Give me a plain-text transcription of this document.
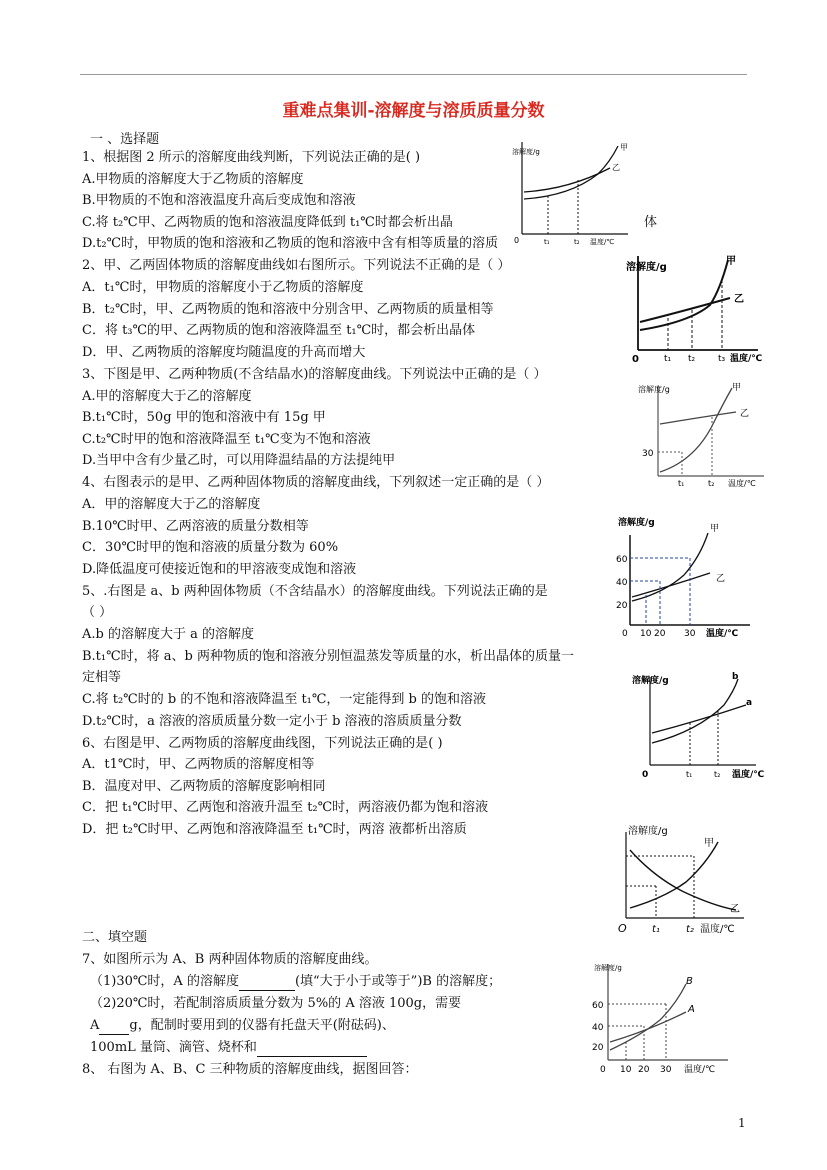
重难点集训-溶解度与溶质质量分数
一 、选择题
1、根据图 2 所示的溶解度曲线判断，下列说法正确的是( )
A.甲物质的溶解度大于乙物质的溶解度
B.甲物质的不饱和溶液温度升高后变成饱和溶液
C.将 t₂℃甲、乙两物质的饱和溶液温度降低到 t₁℃时都会析出晶	体
D.t₂℃时，甲物质的饱和溶液和乙物质的饱和溶液中含有相等质量的溶质
2、甲、乙两固体物质的溶解度曲线如右图所示。下列说法不正确的是（ ）
A．t₁℃时，甲物质的溶解度小于乙物质的溶解度
B．t₂℃时，甲、乙两物质的饱和溶液中分别含甲、乙两物质的质量相等
C．将 t₃℃的甲、乙两物质的饱和溶液降温至 t₁℃时，都会析出晶体
D．甲、乙两物质的溶解度均随温度的升高而增大
3、下图是甲、乙两种物质(不含结晶水)的溶解度曲线。下列说法中正确的是（ ）
A.甲的溶解度大于乙的溶解度
B.t₁℃时，50g 甲的饱和溶液中有 15g 甲
C.t₂℃时甲的饱和溶液降温至 t₁℃变为不饱和溶液
D.当甲中含有少量乙时，可以用降温结晶的方法提纯甲
4、右图表示的是甲、乙两种固体物质的溶解度曲线，下列叙述一定正确的是（ ）
A．甲的溶解度大于乙的溶解度
B.10℃时甲、乙两溶液的质量分数相等
C．30℃时甲的饱和溶液的质量分数为 60%
D.降低温度可使接近饱和的甲溶液变成饱和溶液
5、.右图是 a、b 两种固体物质（不含结晶水）的溶解度曲线。下列说法正确的是
（ ）
A.b 的溶解度大于 a 的溶解度
B.t₁℃时，将 a、b 两种物质的饱和溶液分别恒温蒸发等质量的水，析出晶体的质量一
定相等
C.将 t₂℃时的 b 的不饱和溶液降温至 t₁℃，一定能得到 b 的饱和溶液
D.t₂℃时，a 溶液的溶质质量分数一定小于 b 溶液的溶质质量分数
6、右图是甲、乙两物质的溶解度曲线图，下列说法正确的是( )
A．t1℃时，甲、乙两物质的溶解度相等
B．温度对甲、乙两物质的溶解度影响相同
C．把 t₁℃时甲、乙两饱和溶液升温至 t₂℃时，两溶液仍都为饱和溶液
D．把 t₂℃时甲、乙两饱和溶液降温至 t₁℃时，两溶 液都析出溶质
二、填空题
7、如图所示为 A、B 两种固体物质的溶解度曲线。
（1)30℃时，A 的溶解度	(填“大于小于或等于”)B 的溶解度；
（2)20℃时，若配制溶质质量分数为 5%的 A 溶液 100g，需要
A g，配制时要用到的仪器有托盘天平(附砝码)、
100mL 量筒、滴管、烧杯和
8、 右图为 A、B、C 三种物质的溶解度曲线，据图回答：
1
溶解度/g
0	t₁	t₂ 温度/℃
甲
乙
溶解度/g
0	t₁ t₂	t₃ 温度/℃
甲
乙
溶解度/g
30
t₁	t₂ 温度/℃
甲
乙
溶解度/g
60
40
20
0 10 20 30 温度/℃
甲
乙
溶解度/g
0	t₁	t₂ 温度/℃
b
a
溶解度/g
O	t₁	t₂ 温度/℃
甲
乙
溶解度/g
60
40
20
0 10 20 30 温度/℃
B
A
